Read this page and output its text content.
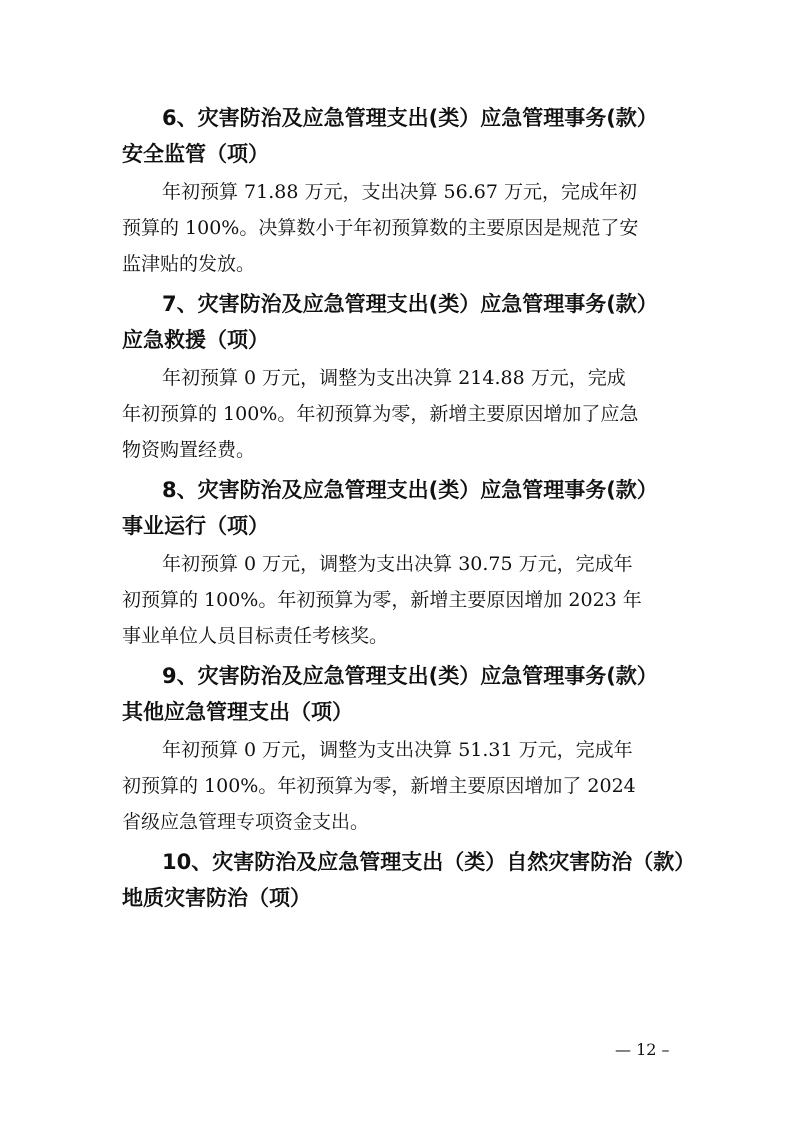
6、灾害防治及应急管理支出(类）应急管理事务(款）
安全监管（项）

年初预算 71.88 万元，支出决算 56.67 万元，完成年初
预算的 100%。决算数小于年初预算数的主要原因是规范了安
监津贴的发放。

7、灾害防治及应急管理支出(类）应急管理事务(款）
应急救援（项）

年初预算 0 万元，调整为支出决算 214.88 万元，完成
年初预算的 100%。年初预算为零，新增主要原因增加了应急
物资购置经费。

8、灾害防治及应急管理支出(类）应急管理事务(款）
事业运行（项）

年初预算 0 万元，调整为支出决算 30.75 万元，完成年
初预算的 100%。年初预算为零，新增主要原因增加 2023 年
事业单位人员目标责任考核奖。

9、灾害防治及应急管理支出(类）应急管理事务(款）
其他应急管理支出（项）

年初预算 0 万元，调整为支出决算 51.31 万元，完成年
初预算的 100%。年初预算为零，新增主要原因增加了 2024
省级应急管理专项资金支出。

10、灾害防治及应急管理支出（类）自然灾害防治（款）
地质灾害防治（项）
— 12 –
